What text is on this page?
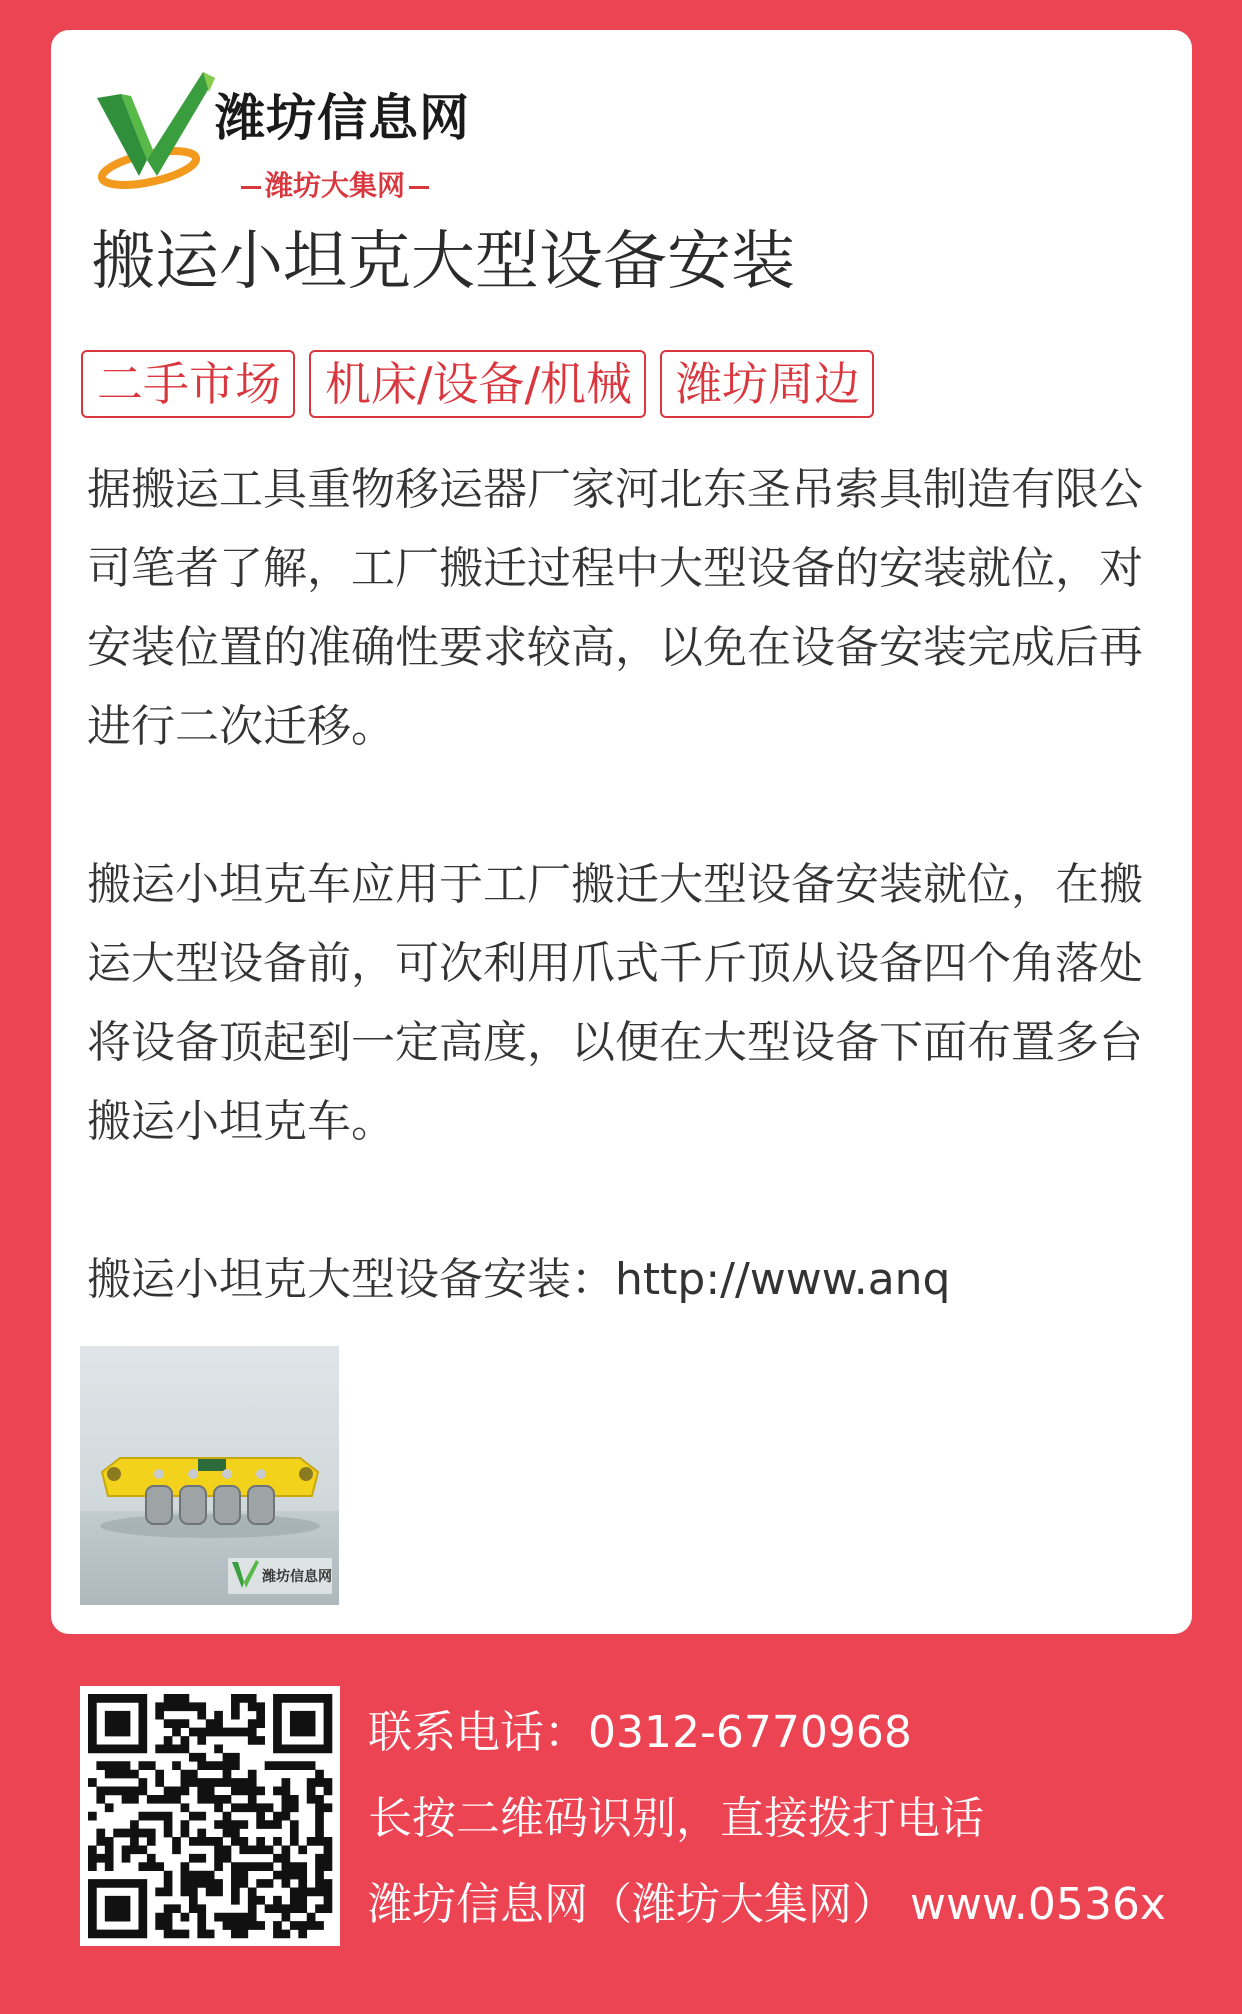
潍坊信息网
潍坊大集网
搬运小坦克大型设备安装
二手市场 机床/设备/机械 潍坊周边

据搬运工具重物移运器厂家河北东圣吊索具制造有限公司笔者了解，工厂搬迁过程中大型设备的安装就位，对安装位置的准确性要求较高，以免在设备安装完成后再进行二次迁移。

搬运小坦克车应用于工厂搬迁大型设备安装就位，在搬运大型设备前，可次利用爪式千斤顶从设备四个角落处将设备顶起到一定高度，以便在大型设备下面布置多台搬运小坦克车。

搬运小坦克大型设备安装：http://www.anq

潍坊信息网
联系电话：0312-6770968
长按二维码识别，直接拨打电话
潍坊信息网（潍坊大集网） www.0536x
